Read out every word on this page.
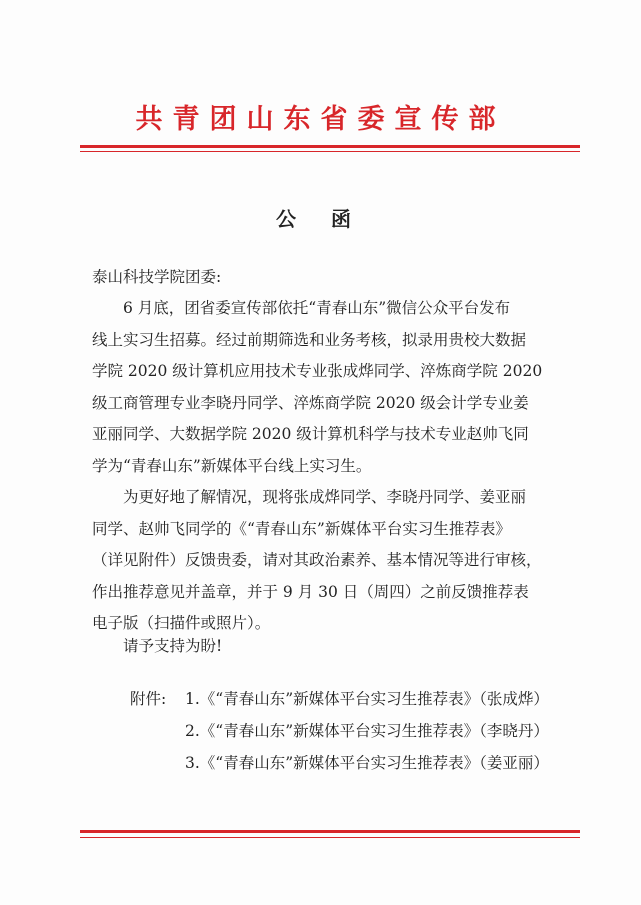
共青团山东省委宣传部
公 函
泰山科技学院团委:
6 月底，团省委宣传部依托“青春山东”微信公众平台发布
线上实习生招募。经过前期筛选和业务考核，拟录用贵校大数据
学院 2020 级计算机应用技术专业张成烨同学、淬炼商学院 2020
级工商管理专业李晓丹同学、淬炼商学院 2020 级会计学专业姜
亚丽同学、大数据学院 2020 级计算机科学与技术专业赵帅飞同
学为“青春山东”新媒体平台线上实习生。
为更好地了解情况，现将张成烨同学、李晓丹同学、姜亚丽
同学、赵帅飞同学的《“青春山东”新媒体平台实习生推荐表》
（详见附件）反馈贵委，请对其政治素养、基本情况等进行审核，
作出推荐意见并盖章，并于 9 月 30 日（周四）之前反馈推荐表
电子版（扫描件或照片）。
请予支持为盼!
附件: 1.《“青春山东”新媒体平台实习生推荐表》（张成烨）
2.《“青春山东”新媒体平台实习生推荐表》（李晓丹）
3.《“青春山东”新媒体平台实习生推荐表》（姜亚丽）
